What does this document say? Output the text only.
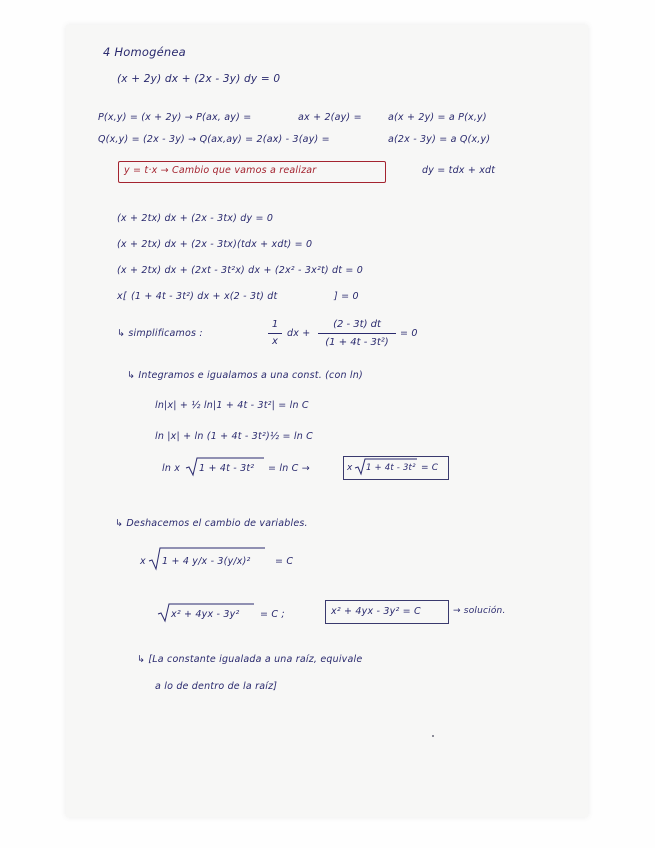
4 Homogénea
(x + 2y) dx + (2x - 3y) dy = 0
P(x,y) = (x + 2y) → P(ax, ay) =	ax + 2(ay) =	a(x + 2y) = a P(x,y)
Q(x,y) = (2x - 3y) → Q(ax,ay) = 2(ax) - 3(ay) =	a(2x - 3y) = a Q(x,y)
y = t·x → Cambio que vamos a realizar	dy = tdx + xdt
(x + 2tx) dx + (2x - 3tx) dy = 0
(x + 2tx) dx + (2x - 3tx)(tdx + xdt) = 0
(x + 2tx) dx + (2xt - 3t²x) dx + (2x² - 3x²t) dt = 0
x[ (1 + 4t - 3t²) dx + x(2 - 3t) dt	] = 0
↳ simplificamos :
1
x
dx +
(2 - 3t) dt
(1 + 4t - 3t²)
= 0
↳ Integramos e igualamos a una const. (con ln)
ln|x| + ½ ln|1 + 4t - 3t²| = ln C
ln |x| + ln (1 + 4t - 3t²)½ = ln C
ln x 1 + 4t - 3t² = ln C →	x 1 + 4t - 3t² = C
↳ Deshacemos el cambio de variables.
x 1 + 4 y/x - 3(y/x)²	= C
x² + 4yx - 3y² = C ;	x² + 4yx - 3y² = C	→ solución.
↳ [La constante igualada a una raíz, equivale
a lo de dentro de la raíz]
